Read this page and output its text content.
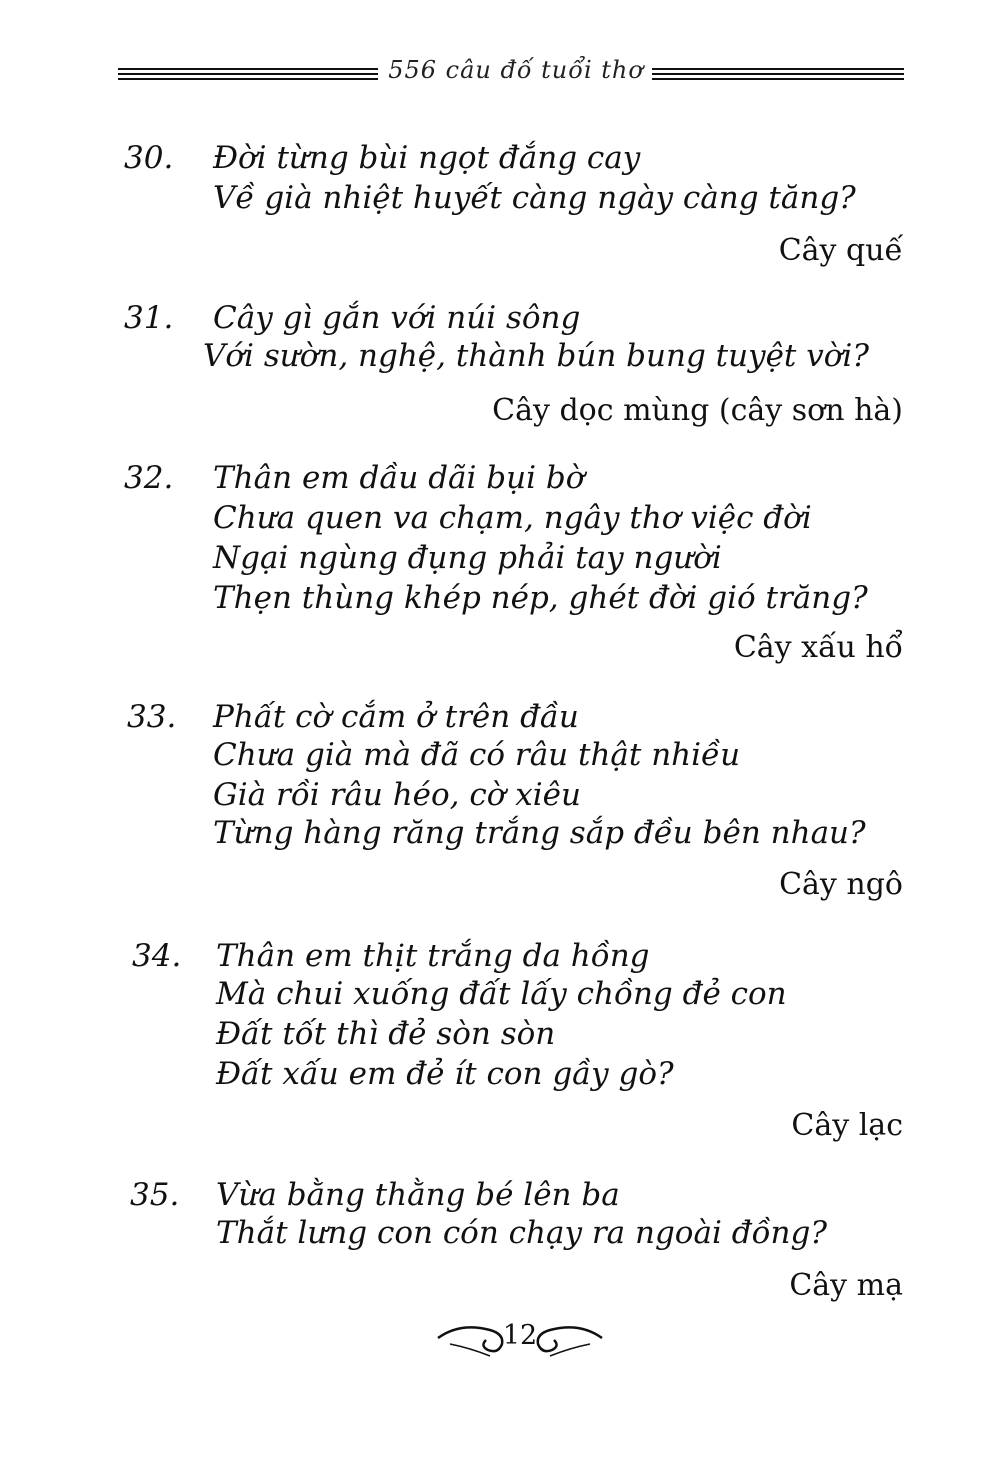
556 câu đố tuổi thơ
30. Đời từng bùi ngọt đắng cay
Về già nhiệt huyết càng ngày càng tăng?
Cây quế
31. Cây gì gắn với núi sông
Với sườn, nghệ, thành bún bung tuyệt vời?
Cây dọc mùng (cây sơn hà)
32. Thân em dầu dãi bụi bờ
Chưa quen va chạm, ngây thơ việc đời
Ngại ngùng đụng phải tay người
Thẹn thùng khép nép, ghét đời gió trăng?
Cây xấu hổ
33. Phất cờ cắm ở trên đầu
Chưa già mà đã có râu thật nhiều
Già rồi râu héo, cờ xiêu
Từng hàng răng trắng sắp đều bên nhau?
Cây ngô
34. Thân em thịt trắng da hồng
Mà chui xuống đất lấy chồng đẻ con
Đất tốt thì đẻ sòn sòn
Đất xấu em đẻ ít con gầy gò?
Cây lạc
35. Vừa bằng thằng bé lên ba
Thắt lưng con cón chạy ra ngoài đồng?
Cây mạ
12
